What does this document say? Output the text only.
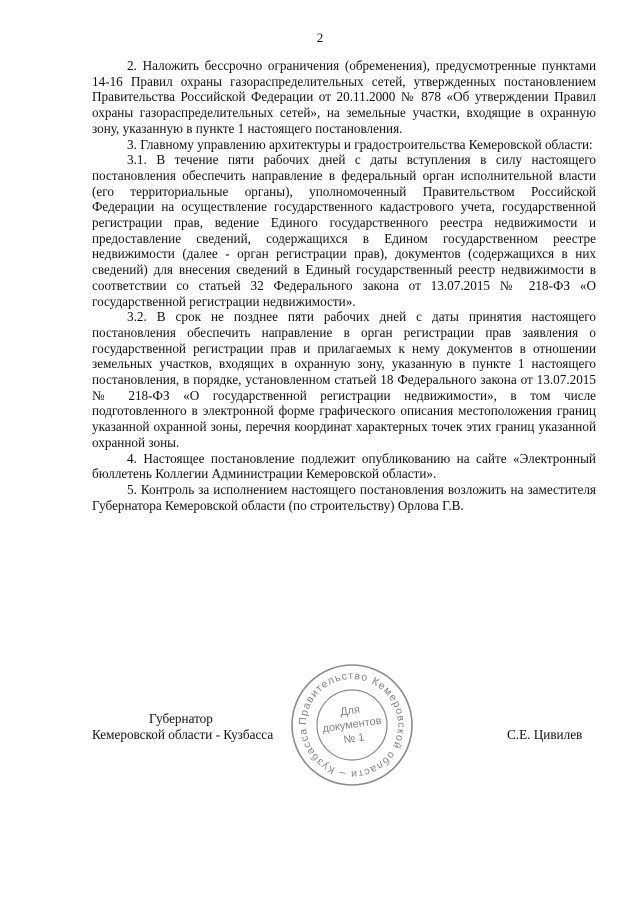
2

2. Наложить бессрочно ограничения (обременения), предусмотренные пунктами 14-16 Правил охраны газораспределительных сетей, утвержденных постановлением Правительства Российской Федерации от 20.11.2000 № 878 «Об утверждении Правил охраны газораспределительных сетей», на земельные участки, входящие в охранную зону, указанную в пункте 1 настоящего постановления.

3. Главному управлению архитектуры и градостроительства Кемеровской области:

3.1. В течение пяти рабочих дней с даты вступления в силу настоящего постановления обеспечить направление в федеральный орган исполнительной власти (его территориальные органы), уполномоченный Правительством Российской Федерации на осуществление государственного кадастрового учета, государственной регистрации прав, ведение Единого государственного реестра недвижимости и предоставление сведений, содержащихся в Едином государственном реестре недвижимости (далее - орган регистрации прав), документов (содержащихся в них сведений) для внесения сведений в Единый государственный реестр недвижимости в соответствии со статьей 32 Федерального закона от 13.07.2015 № 218-ФЗ «О государственной регистрации недвижимости».

3.2. В срок не позднее пяти рабочих дней с даты принятия настоящего постановления обеспечить направление в орган регистрации прав заявления о государственной регистрации прав и прилагаемых к нему документов в отношении земельных участков, входящих в охранную зону, указанную в пункте 1 настоящего постановления, в порядке, установленном статьей 18 Федерального закона от 13.07.2015 № 218-ФЗ «О государственной регистрации недвижимости», в том числе подготовленного в электронной форме графического описания местоположения границ указанной охранной зоны, перечня координат характерных точек этих границ указанной охранной зоны.

4. Настоящее постановление подлежит опубликованию на сайте «Электронный бюллетень Коллегии Администрации Кемеровской области».

5. Контроль за исполнением настоящего постановления возложить на заместителя Губернатора Кемеровской области (по строительству) Орлова Г.В.

Губернатор
Кемеровской области - Кузбасса	С.Е. Цивилев
Правительство Кемеровской области – Кузбасса
Для
документов
№ 1
